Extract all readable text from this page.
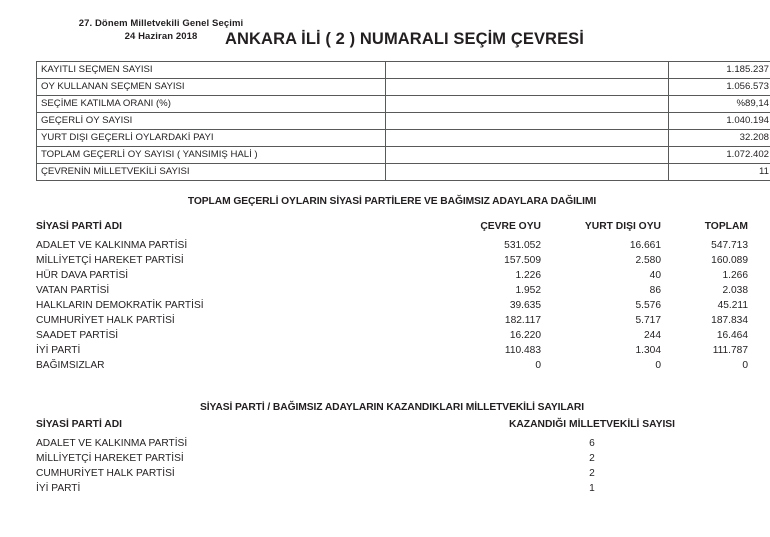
27. Dönem Milletvekili Genel Seçimi
24 Haziran 2018	ANKARA İLİ ( 2 ) NUMARALI SEÇİM ÇEVRESİ
KAYITLI SEÇMEN SAYISI		1.185.237
OY KULLANAN SEÇMEN SAYISI		1.056.573
SEÇİME KATILMA ORANI (%)		%89,14
GEÇERLİ OY SAYISI		1.040.194
YURT DIŞI GEÇERLİ OYLARDAKİ PAYI		32.208
TOPLAM GEÇERLİ OY SAYISI ( YANSIMIŞ HALİ )		1.072.402
ÇEVRENİN MİLLETVEKİLİ SAYISI		11
TOPLAM GEÇERLİ OYLARIN SİYASİ PARTİLERE VE BAĞIMSIZ ADAYLARA DAĞILIMI
SİYASİ PARTİ ADI	ÇEVRE OYU	YURT DIŞI OYU	TOPLAM
ADALET VE KALKINMA PARTİSİ	531.052	16.661	547.713
MİLLİYETÇİ HAREKET PARTİSİ	157.509	2.580	160.089
HÜR DAVA PARTİSİ	1.226	40	1.266
VATAN PARTİSİ	1.952	86	2.038
HALKLARIN DEMOKRATİK PARTİSİ	39.635	5.576	45.211
CUMHURİYET HALK PARTİSİ	182.117	5.717	187.834
SAADET PARTİSİ	16.220	244	16.464
İYİ PARTİ	110.483	1.304	111.787
BAĞIMSIZLAR	0	0	0
SİYASİ PARTİ / BAĞIMSIZ ADAYLARIN KAZANDIKLARI MİLLETVEKİLİ SAYILARI
SİYASİ PARTİ ADI	KAZANDIĞI MİLLETVEKİLİ SAYISI
ADALET VE KALKINMA PARTİSİ	6
MİLLİYETÇİ HAREKET PARTİSİ	2
CUMHURİYET HALK PARTİSİ	2
İYİ PARTİ	1
